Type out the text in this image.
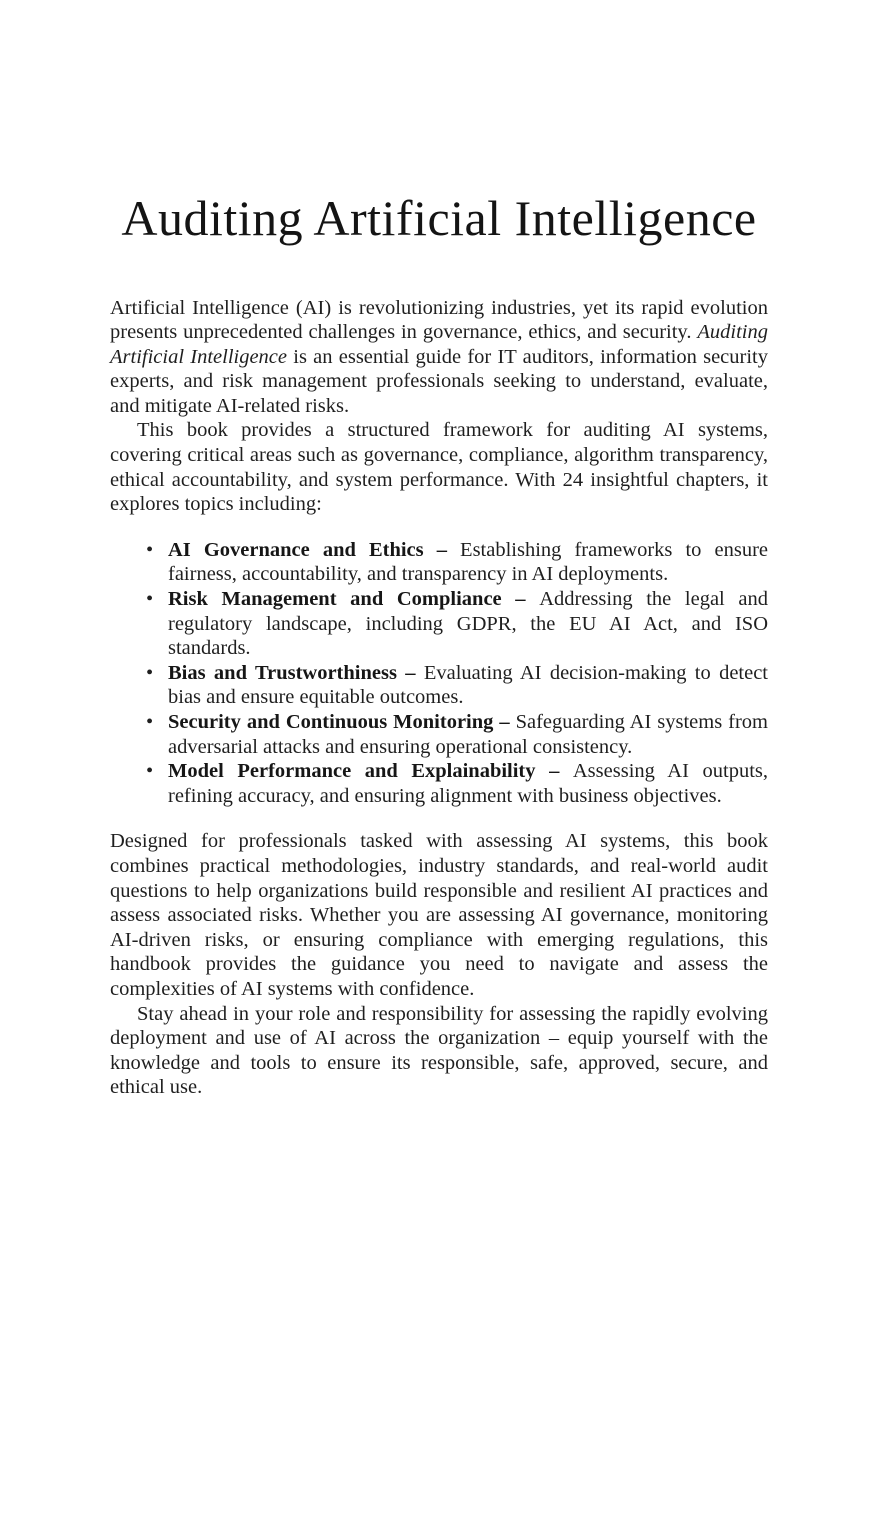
Auditing Artificial Intelligence

Artificial Intelligence (AI) is revolutionizing industries, yet its rapid evolution presents unprecedented challenges in governance, ethics, and security. Auditing Artificial Intelligence is an essential guide for IT auditors, information security experts, and risk management professionals seeking to understand, evaluate, and mitigate AI-related risks.

This book provides a structured framework for auditing AI systems, covering critical areas such as governance, compliance, algorithm transparency, ethical accountability, and system performance. With 24 insightful chapters, it explores topics including:

• AI Governance and Ethics – Establishing frameworks to ensure fairness, accountability, and transparency in AI deployments.
• Risk Management and Compliance – Addressing the legal and regulatory landscape, including GDPR, the EU AI Act, and ISO standards.
• Bias and Trustworthiness – Evaluating AI decision-making to detect bias and ensure equitable outcomes.
• Security and Continuous Monitoring – Safeguarding AI systems from adversarial attacks and ensuring operational consistency.
• Model Performance and Explainability – Assessing AI outputs, refining accuracy, and ensuring alignment with business objectives.

Designed for professionals tasked with assessing AI systems, this book combines practical methodologies, industry standards, and real-world audit questions to help organizations build responsible and resilient AI practices and assess associated risks. Whether you are assessing AI governance, monitoring AI-driven risks, or ensuring compliance with emerging regulations, this handbook provides the guidance you need to navigate and assess the complexities of AI systems with confidence.

Stay ahead in your role and responsibility for assessing the rapidly evolving deployment and use of AI across the organization – equip yourself with the knowledge and tools to ensure its responsible, safe, approved, secure, and ethical use.
